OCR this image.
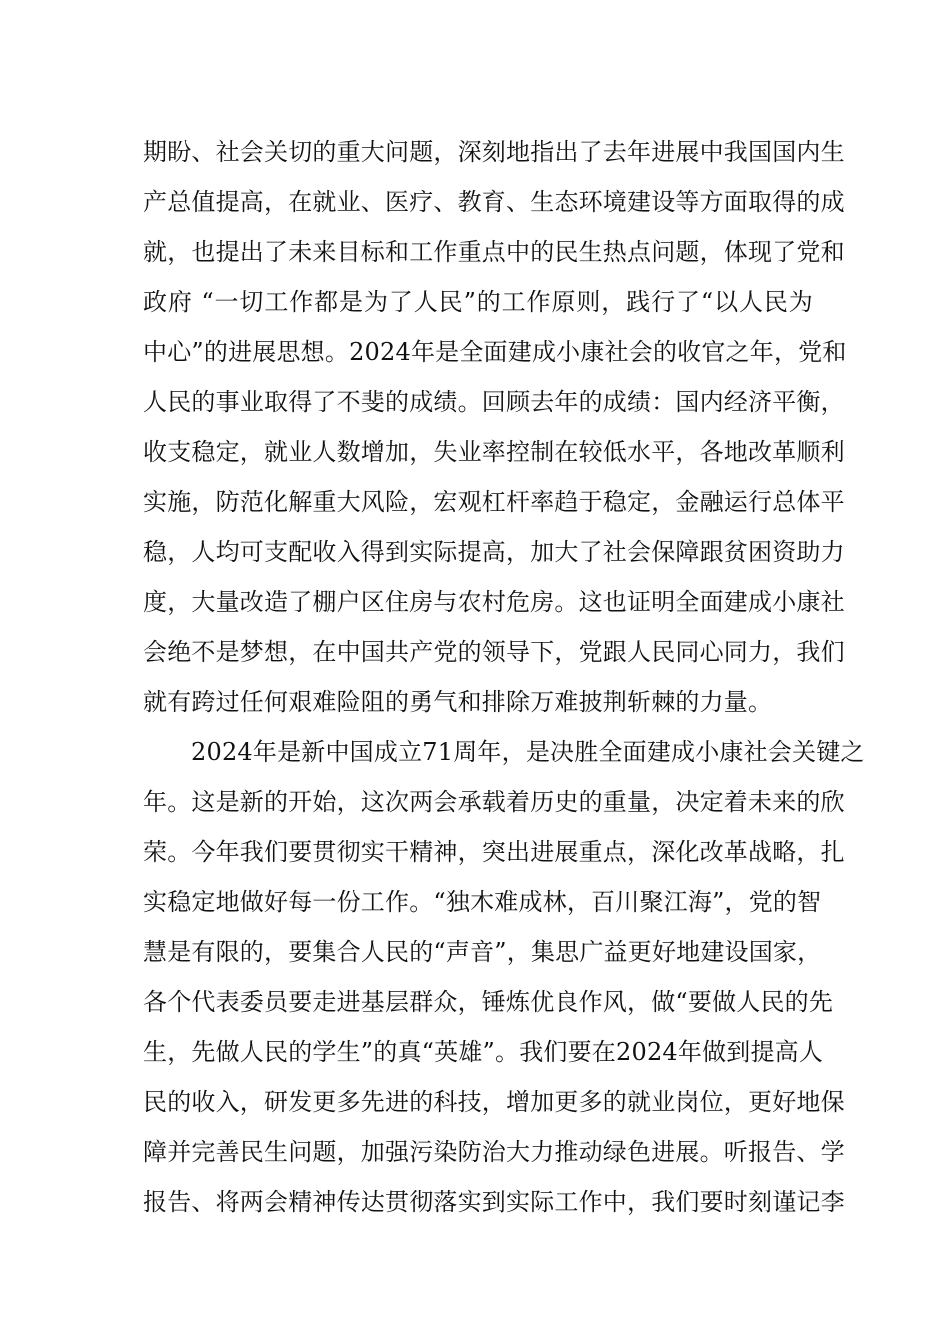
期盼、社会关切的重大问题，深刻地指出了去年进展中我国国内生
产总值提高，在就业、医疗、教育、生态环境建设等方面取得的成
就，也提出了未来目标和工作重点中的民生热点问题，体现了党和
政府 “一切工作都是为了人民”的工作原则，践行了“以人民为
中心”的进展思想。2024年是全面建成小康社会的收官之年，党和
人民的事业取得了不斐的成绩。回顾去年的成绩：国内经济平衡，
收支稳定，就业人数增加，失业率控制在较低水平，各地改革顺利
实施，防范化解重大风险，宏观杠杆率趋于稳定，金融运行总体平
稳，人均可支配收入得到实际提高，加大了社会保障跟贫困资助力
度，大量改造了棚户区住房与农村危房。这也证明全面建成小康社
会绝不是梦想，在中国共产党的领导下，党跟人民同心同力，我们
就有跨过任何艰难险阻的勇气和排除万难披荆斩棘的力量。
2024年是新中国成立71周年，是决胜全面建成小康社会关键之
年。这是新的开始，这次两会承载着历史的重量，决定着未来的欣
荣。今年我们要贯彻实干精神，突出进展重点，深化改革战略，扎
实稳定地做好每一份工作。“独木难成林，百川聚江海”，党的智
慧是有限的，要集合人民的“声音”，集思广益更好地建设国家，
各个代表委员要走进基层群众，锤炼优良作风，做“要做人民的先
生，先做人民的学生”的真“英雄”。我们要在2024年做到提高人
民的收入，研发更多先进的科技，增加更多的就业岗位，更好地保
障并完善民生问题，加强污染防治大力推动绿色进展。听报告、学
报告、将两会精神传达贯彻落实到实际工作中，我们要时刻谨记李
